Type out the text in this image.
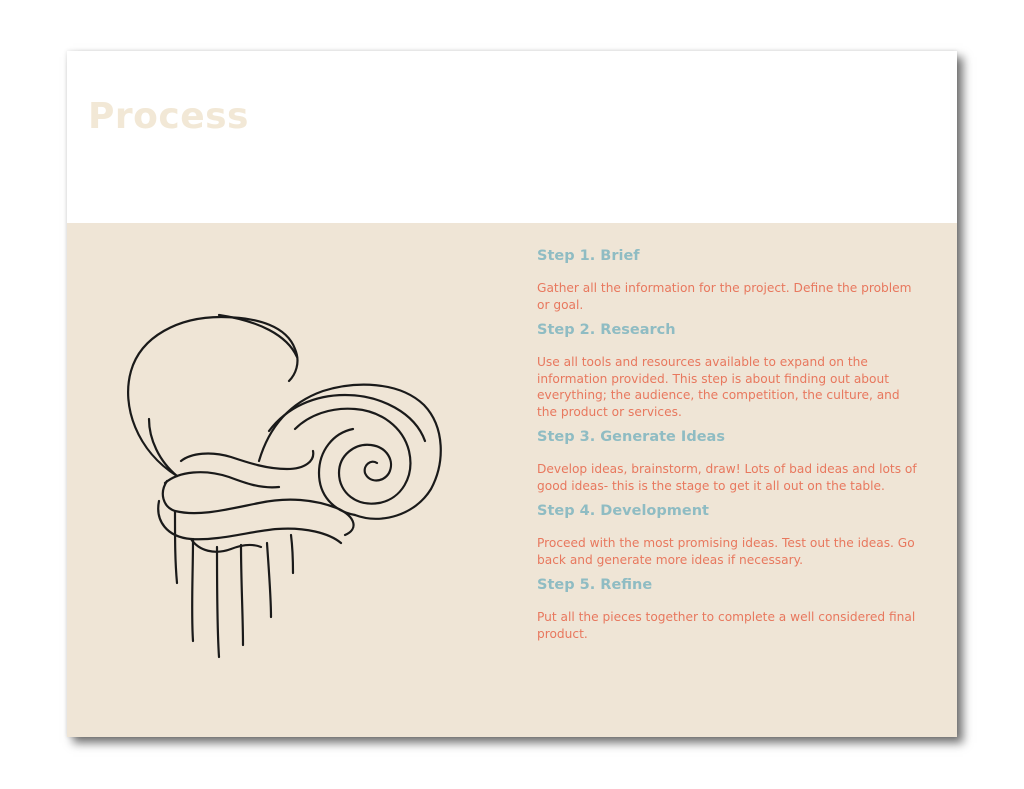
Process

Step 1. Brief

Gather all the information for the project. Define the problem or goal.

Step 2. Research

Use all tools and resources available to expand on the information provided. This step is about finding out about everything; the audience, the competition, the culture, and the product or services.

Step 3. Generate Ideas

Develop ideas, brainstorm, draw! Lots of bad ideas and lots of good ideas- this is the stage to get it all out on the table.

Step 4. Development

Proceed with the most promising ideas. Test out the ideas. Go back and generate more ideas if necessary.

Step 5. Refine

Put all the pieces together to complete a well considered final product.
